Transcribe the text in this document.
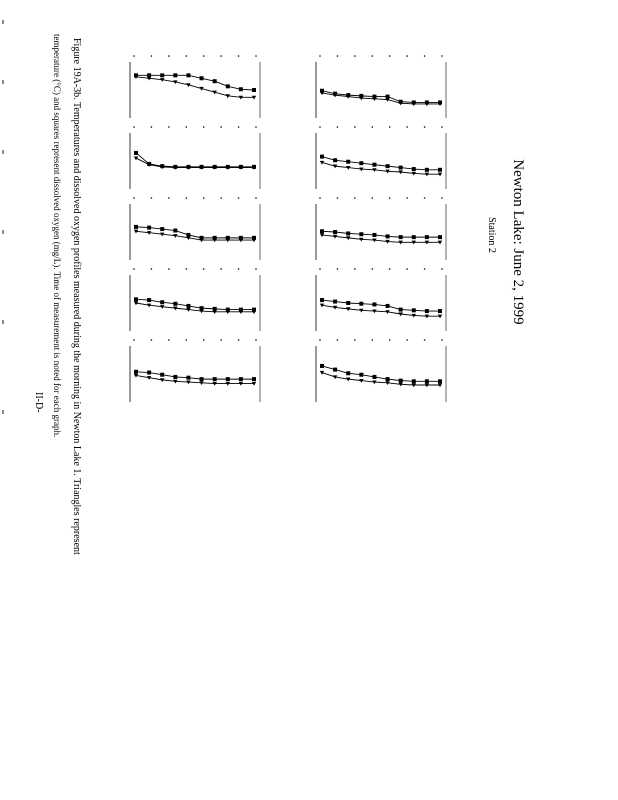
Newton Lake: June 2, 1999
Station 2
Figure 19A-3b. Temperatures and dissolved oxygen profiles measured during the morning in Newton Lake 1. Triangles represent
temperature (°C) and squares represent dissolved oxygen (mg/L). Time of measurement is noted for each graph.
II-D-
